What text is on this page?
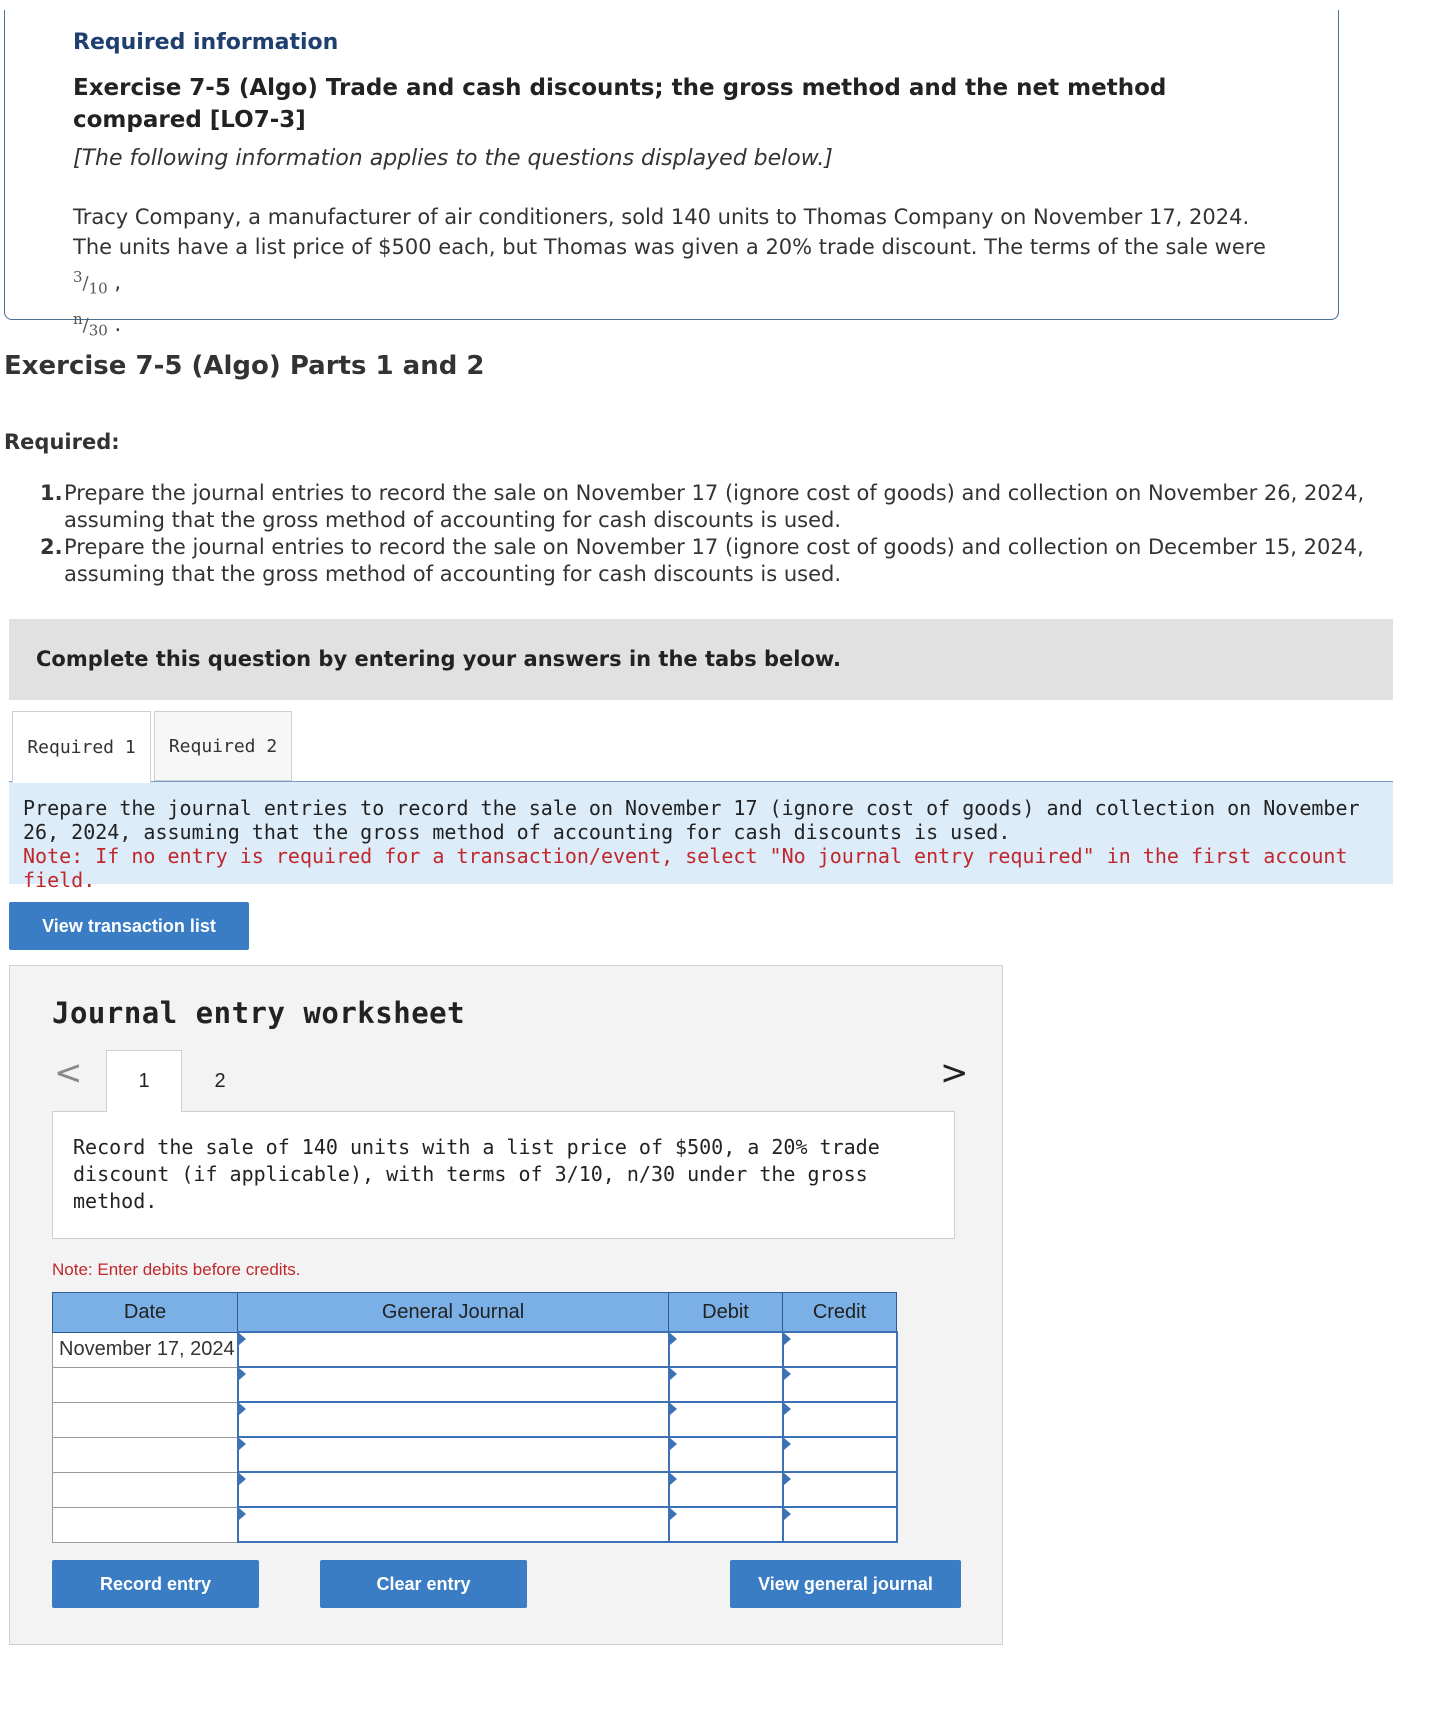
Required information
Exercise 7-5 (Algo) Trade and cash discounts; the gross method and the net method compared [LO7-3]
[The following information applies to the questions displayed below.]
Tracy Company, a manufacturer of air conditioners, sold 140 units to Thomas Company on November 17, 2024. The units have a list price of $500 each, but Thomas was given a 20% trade discount. The terms of the sale were $^3/_{10}$ ,
$^n/_{30}$ .
Exercise 7-5 (Algo) Parts 1 and 2
Required:
1. Prepare the journal entries to record the sale on November 17 (ignore cost of goods) and collection on November 26, 2024, assuming that the gross method of accounting for cash discounts is used.
2. Prepare the journal entries to record the sale on November 17 (ignore cost of goods) and collection on December 15, 2024, assuming that the gross method of accounting for cash discounts is used.
Complete this question by entering your answers in the tabs below.
Required 1	Required 2
Prepare the journal entries to record the sale on November 17 (ignore cost of goods) and collection on November 26, 2024, assuming that the gross method of accounting for cash discounts is used.
Note: If no entry is required for a transaction/event, select "No journal entry required" in the first account field.
View transaction list
Journal entry worksheet
<	>
1	2
Record the sale of 140 units with a list price of $500, a 20% trade discount (if applicable), with terms of 3/10, n/30 under the gross method.
Note: Enter debits before credits.
Date	General Journal	Debit	Credit
November 17, 2024	

Record entry	Clear entry	View general journal
